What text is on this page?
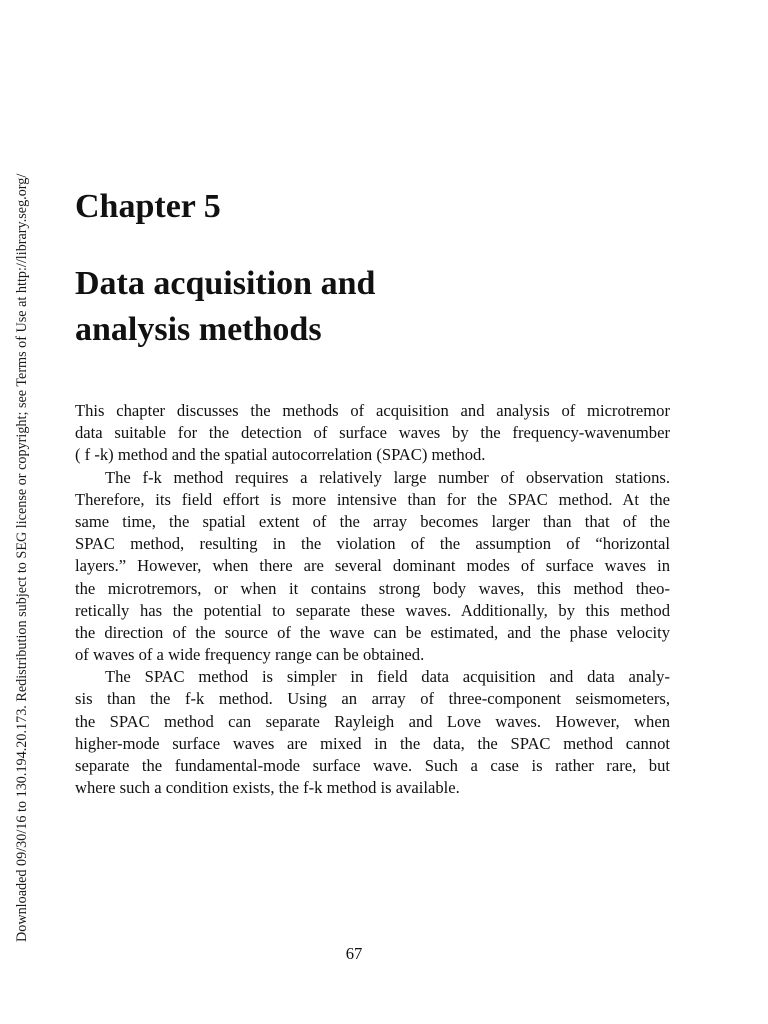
Downloaded 09/30/16 to 130.194.20.173. Redistribution subject to SEG license or copyright; see Terms of Use at http://library.seg.org/ Chapter 5
Data acquisition and
analysis methods
This chapter discusses the methods of acquisition and analysis of microtremor
data suitable for the detection of surface waves by the frequency-wavenumber
( f -k) method and the spatial autocorrelation (SPAC) method.
The f-k method requires a relatively large number of observation stations.
Therefore, its field effort is more intensive than for the SPAC method. At the
same time, the spatial extent of the array becomes larger than that of the
SPAC method, resulting in the violation of the assumption of “horizontal
layers.” However, when there are several dominant modes of surface waves in
the microtremors, or when it contains strong body waves, this method theo-
retically has the potential to separate these waves. Additionally, by this method
the direction of the source of the wave can be estimated, and the phase velocity
of waves of a wide frequency range can be obtained.
The SPAC method is simpler in field data acquisition and data analy-
sis than the f-k method. Using an array of three-component seismometers,
the SPAC method can separate Rayleigh and Love waves. However, when
higher-mode surface waves are mixed in the data, the SPAC method cannot
separate the fundamental-mode surface wave. Such a case is rather rare, but
where such a condition exists, the f-k method is available.
67
